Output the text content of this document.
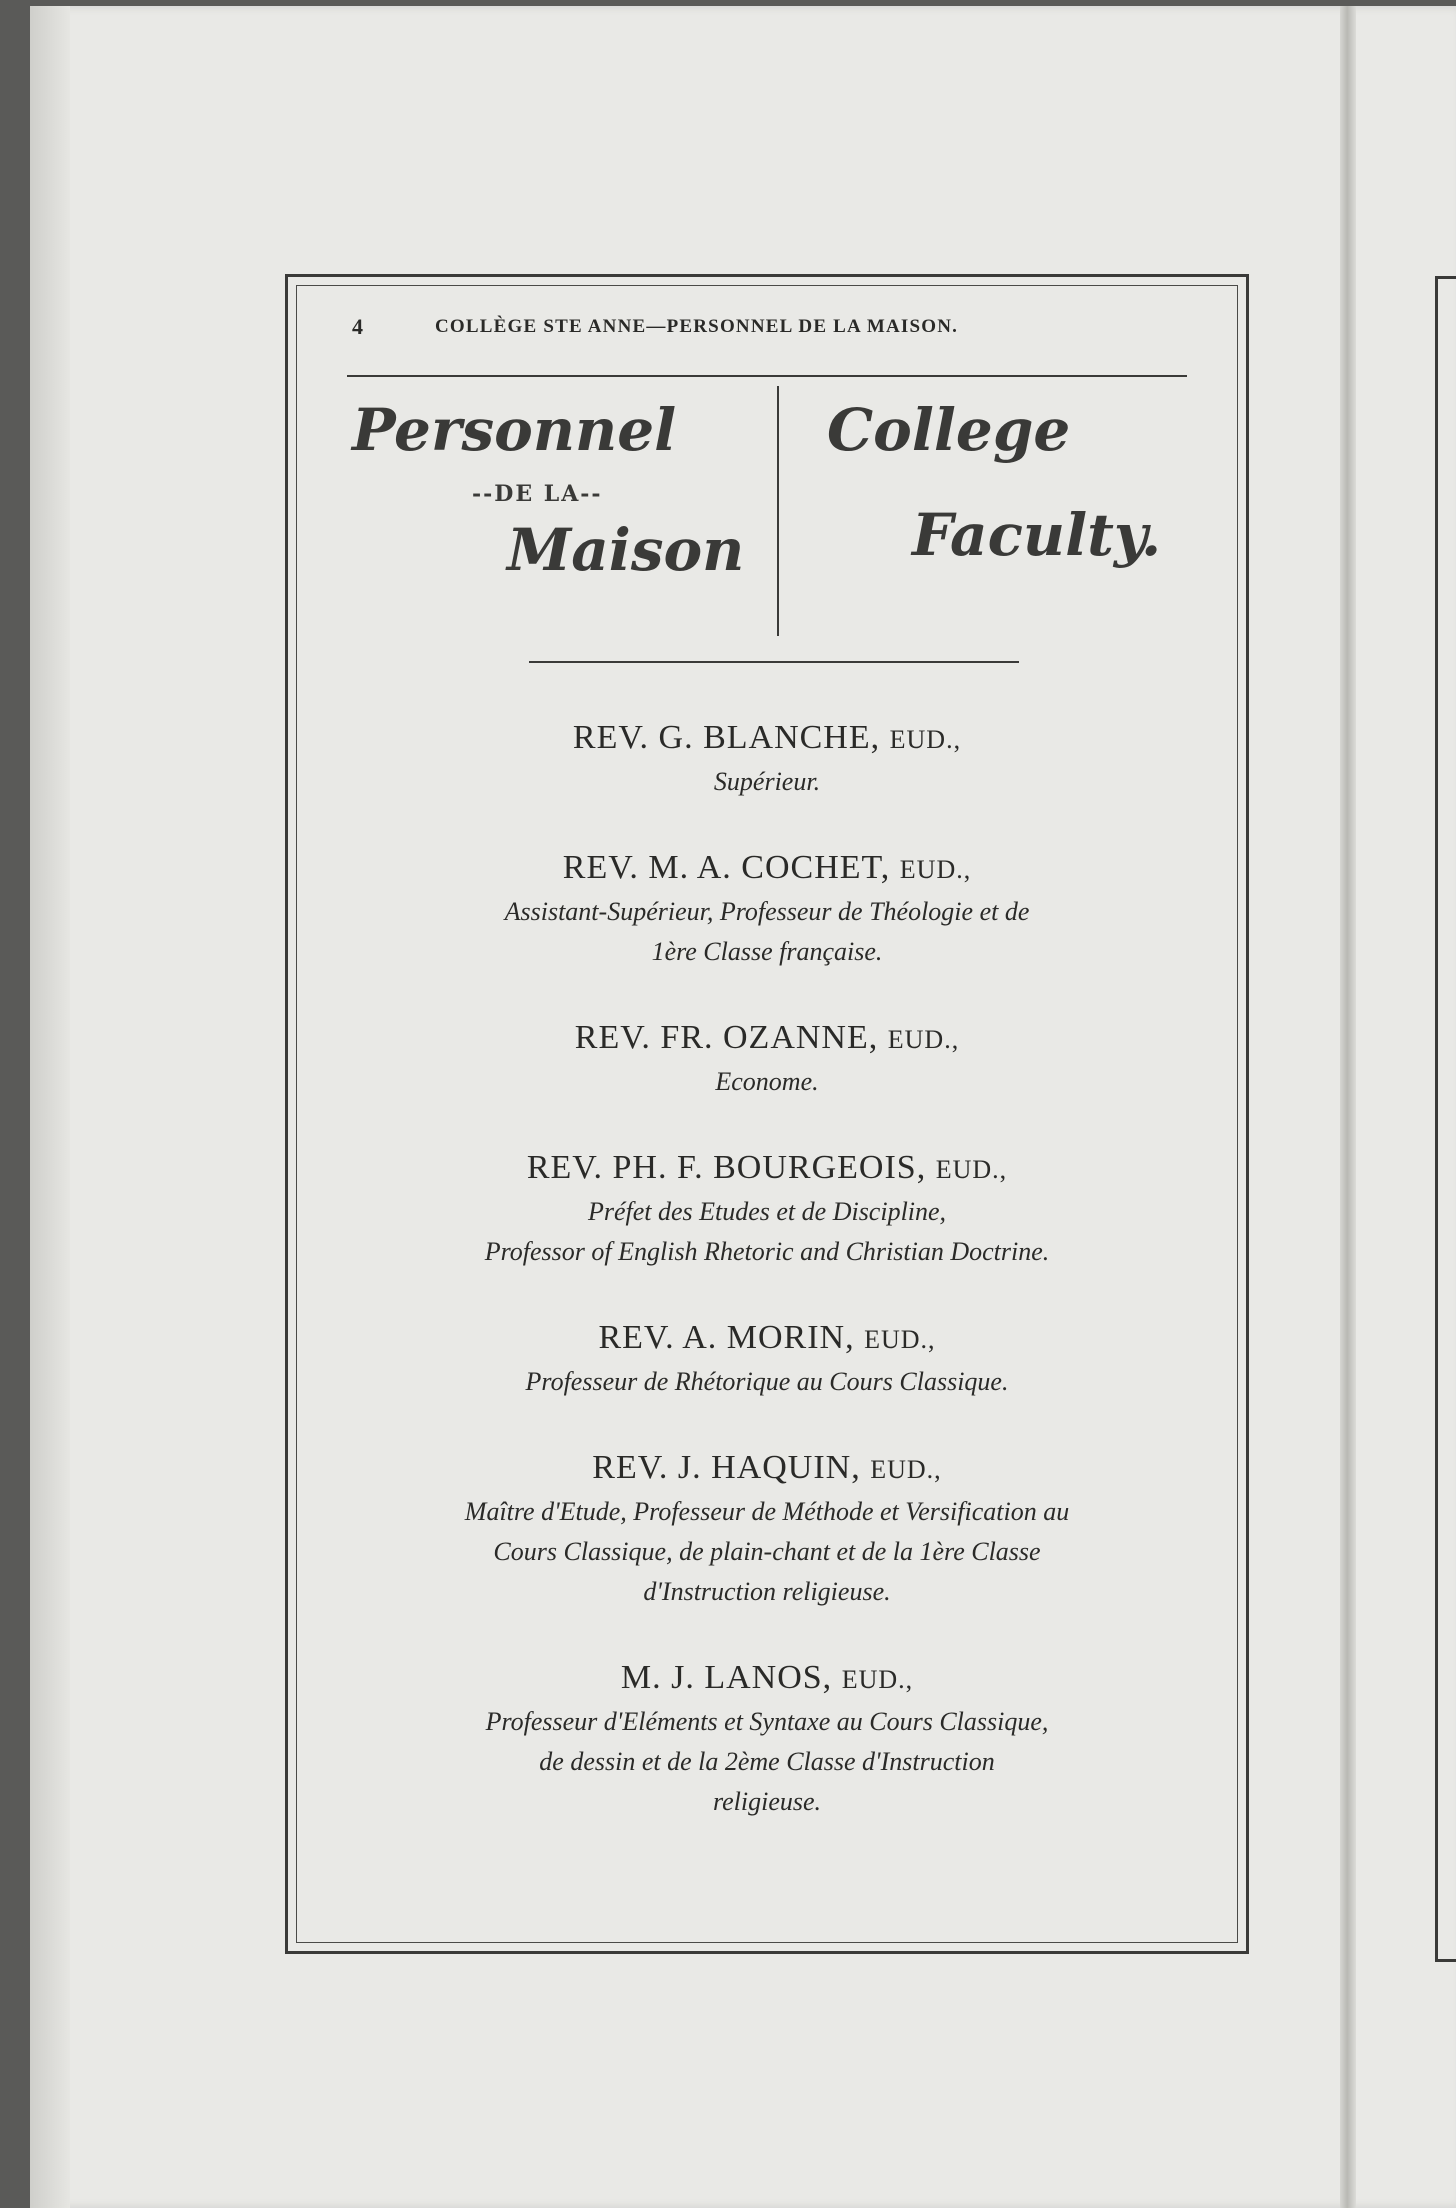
4	COLLÈGE STE ANNE—PERSONNEL DE LA MAISON.
Personnel
--DE LA--
Maison
College
Faculty.

REV. G. BLANCHE, EUD.,

Supérieur.

REV. M. A. COCHET, EUD.,

Assistant-Supérieur, Professeur de Théologie et de

1ère Classe française.

REV. FR. OZANNE, EUD.,

Econome.

REV. PH. F. BOURGEOIS, EUD.,

Préfet des Etudes et de Discipline,

Professor of English Rhetoric and Christian Doctrine.

REV. A. MORIN, EUD.,

Professeur de Rhétorique au Cours Classique.

REV. J. HAQUIN, EUD.,

Maître d'Etude, Professeur de Méthode et Versification au

Cours Classique, de plain-chant et de la 1ère Classe

d'Instruction religieuse.

M. J. LANOS, EUD.,

Professeur d'Eléments et Syntaxe au Cours Classique,

de dessin et de la 2ème Classe d'Instruction

religieuse.
